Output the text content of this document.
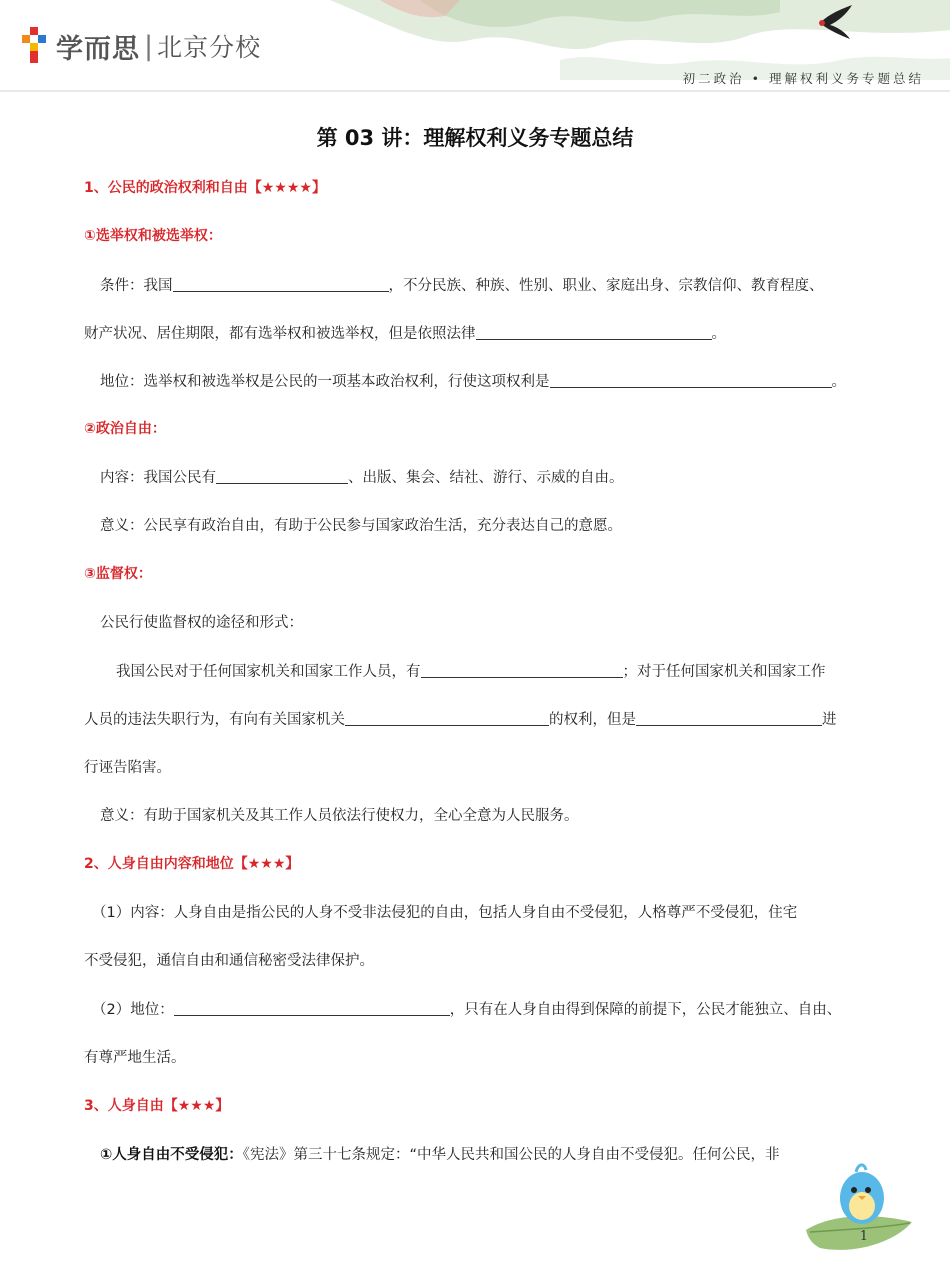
学而思 | 北京分校
初二政治 • 理解权利义务专题总结
第 03 讲：理解权利义务专题总结
1、公民的政治权利和自由【★★★★】
①选举权和被选举权：
条件：我国	，不分民族、种族、性别、职业、家庭出身、宗教信仰、教育程度、
财产状况、居住期限，都有选举权和被选举权，但是依照法律	。
地位：选举权和被选举权是公民的一项基本政治权利，行使这项权利是	。
②政治自由：
内容：我国公民有	、出版、集会、结社、游行、示威的自由。
意义：公民享有政治自由，有助于公民参与国家政治生活，充分表达自己的意愿。
③监督权：
公民行使监督权的途径和形式：
我国公民对于任何国家机关和国家工作人员，有	；对于任何国家机关和国家工作
人员的违法失职行为，有向有关国家机关	的权利，但是	进
行诬告陷害。
意义：有助于国家机关及其工作人员依法行使权力，全心全意为人民服务。
2、人身自由内容和地位【★★★】
（1）内容：人身自由是指公民的人身不受非法侵犯的自由，包括人身自由不受侵犯，人格尊严不受侵犯，住宅
不受侵犯，通信自由和通信秘密受法律保护。
（2）地位：	，只有在人身自由得到保障的前提下，公民才能独立、自由、
有尊严地生活。
3、人身自由【★★★】
①人身自由不受侵犯：《宪法》第三十七条规定：“中华人民共和国公民的人身自由不受侵犯。任何公民，非
1
